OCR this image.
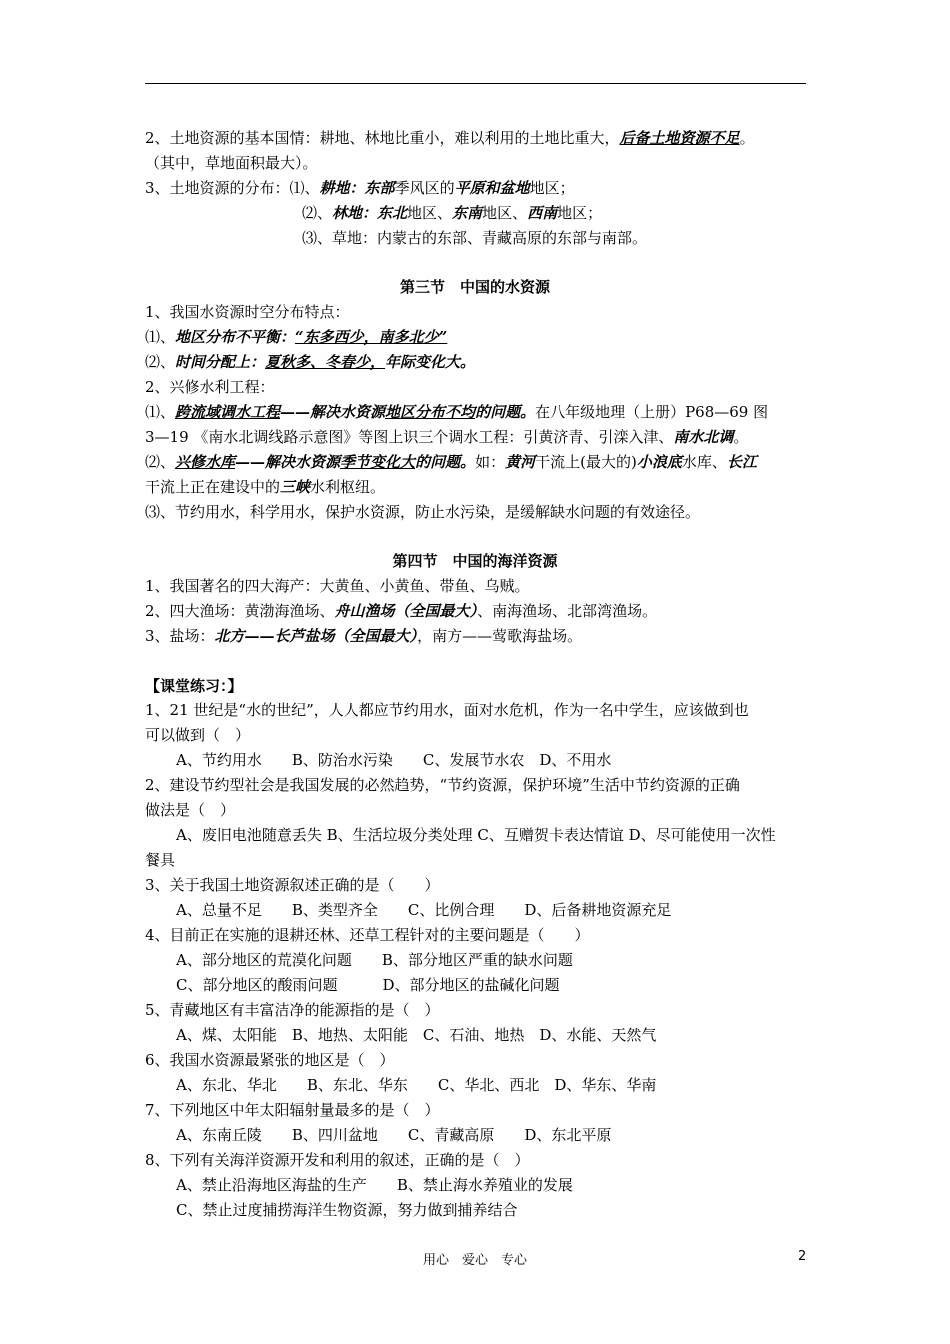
2、土地资源的基本国情：耕地、林地比重小，难以利用的土地比重大，后备土地资源不足。
（其中，草地面积最大）。
3、土地资源的分布：⑴、耕地：东部季风区的平原和盆地地区；
⑵、林地：东北地区、东南地区、西南地区；
⑶、草地：内蒙古的东部、青藏高原的东部与南部。
第三节　中国的水资源
1、我国水资源时空分布特点：
⑴、地区分布不平衡：“东多西少，南多北少”
⑵、时间分配上：夏秋多、冬春少，年际变化大。
2、兴修水利工程：
⑴、跨流域调水工程——解决水资源地区分布不均的问题。在八年级地理（上册）P68—69 图
3—19 《南水北调线路示意图》等图上识三个调水工程：引黄济青、引滦入津、南水北调。
⑵、兴修水库——解决水资源季节变化大的问题。如：黄河干流上(最大的)小浪底水库、长江
干流上正在建设中的三峡水利枢纽。
⑶、节约用水，科学用水，保护水资源，防止水污染，是缓解缺水问题的有效途径。
第四节　中国的海洋资源
1、我国著名的四大海产：大黄鱼、小黄鱼、带鱼、乌贼。
2、四大渔场：黄渤海渔场、舟山渔场（全国最大）、南海渔场、北部湾渔场。
3、盐场：北方——长芦盐场（全国最大），南方——莺歌海盐场。
【课堂练习：】
1、21 世纪是“水的世纪”，人人都应节约用水，面对水危机，作为一名中学生，应该做到也
可以做到（　）
A、节约用水　　B、防治水污染　　C、发展节水农　D、不用水
2、建设节约型社会是我国发展的必然趋势，“节约资源，保护环境”生活中节约资源的正确
做法是（　）
A、废旧电池随意丢失 B、生活垃圾分类处理 C、互赠贺卡表达情谊 D、尽可能使用一次性
餐具
3、关于我国土地资源叙述正确的是（　　）
A、总量不足　　B、类型齐全　　C、比例合理　　D、后备耕地资源充足
4、目前正在实施的退耕还林、还草工程针对的主要问题是（　　）
A、部分地区的荒漠化问题　　B、部分地区严重的缺水问题
C、部分地区的酸雨问题　　　D、部分地区的盐碱化问题
5、青藏地区有丰富洁净的能源指的是（　）
A、煤、太阳能　B、地热、太阳能　C、石油、地热　D、水能、天然气
6、我国水资源最紧张的地区是（　）
A、东北、华北　　B、东北、华东　　C、华北、西北　D、华东、华南
7、下列地区中年太阳辐射量最多的是（　）
A、东南丘陵　　B、四川盆地　　C、青藏高原　　D、东北平原
8、下列有关海洋资源开发和利用的叙述，正确的是（　）
A、禁止沿海地区海盐的生产　　B、禁止海水养殖业的发展
C、禁止过度捕捞海洋生物资源，努力做到捕养结合
用心　爱心　专心	2
